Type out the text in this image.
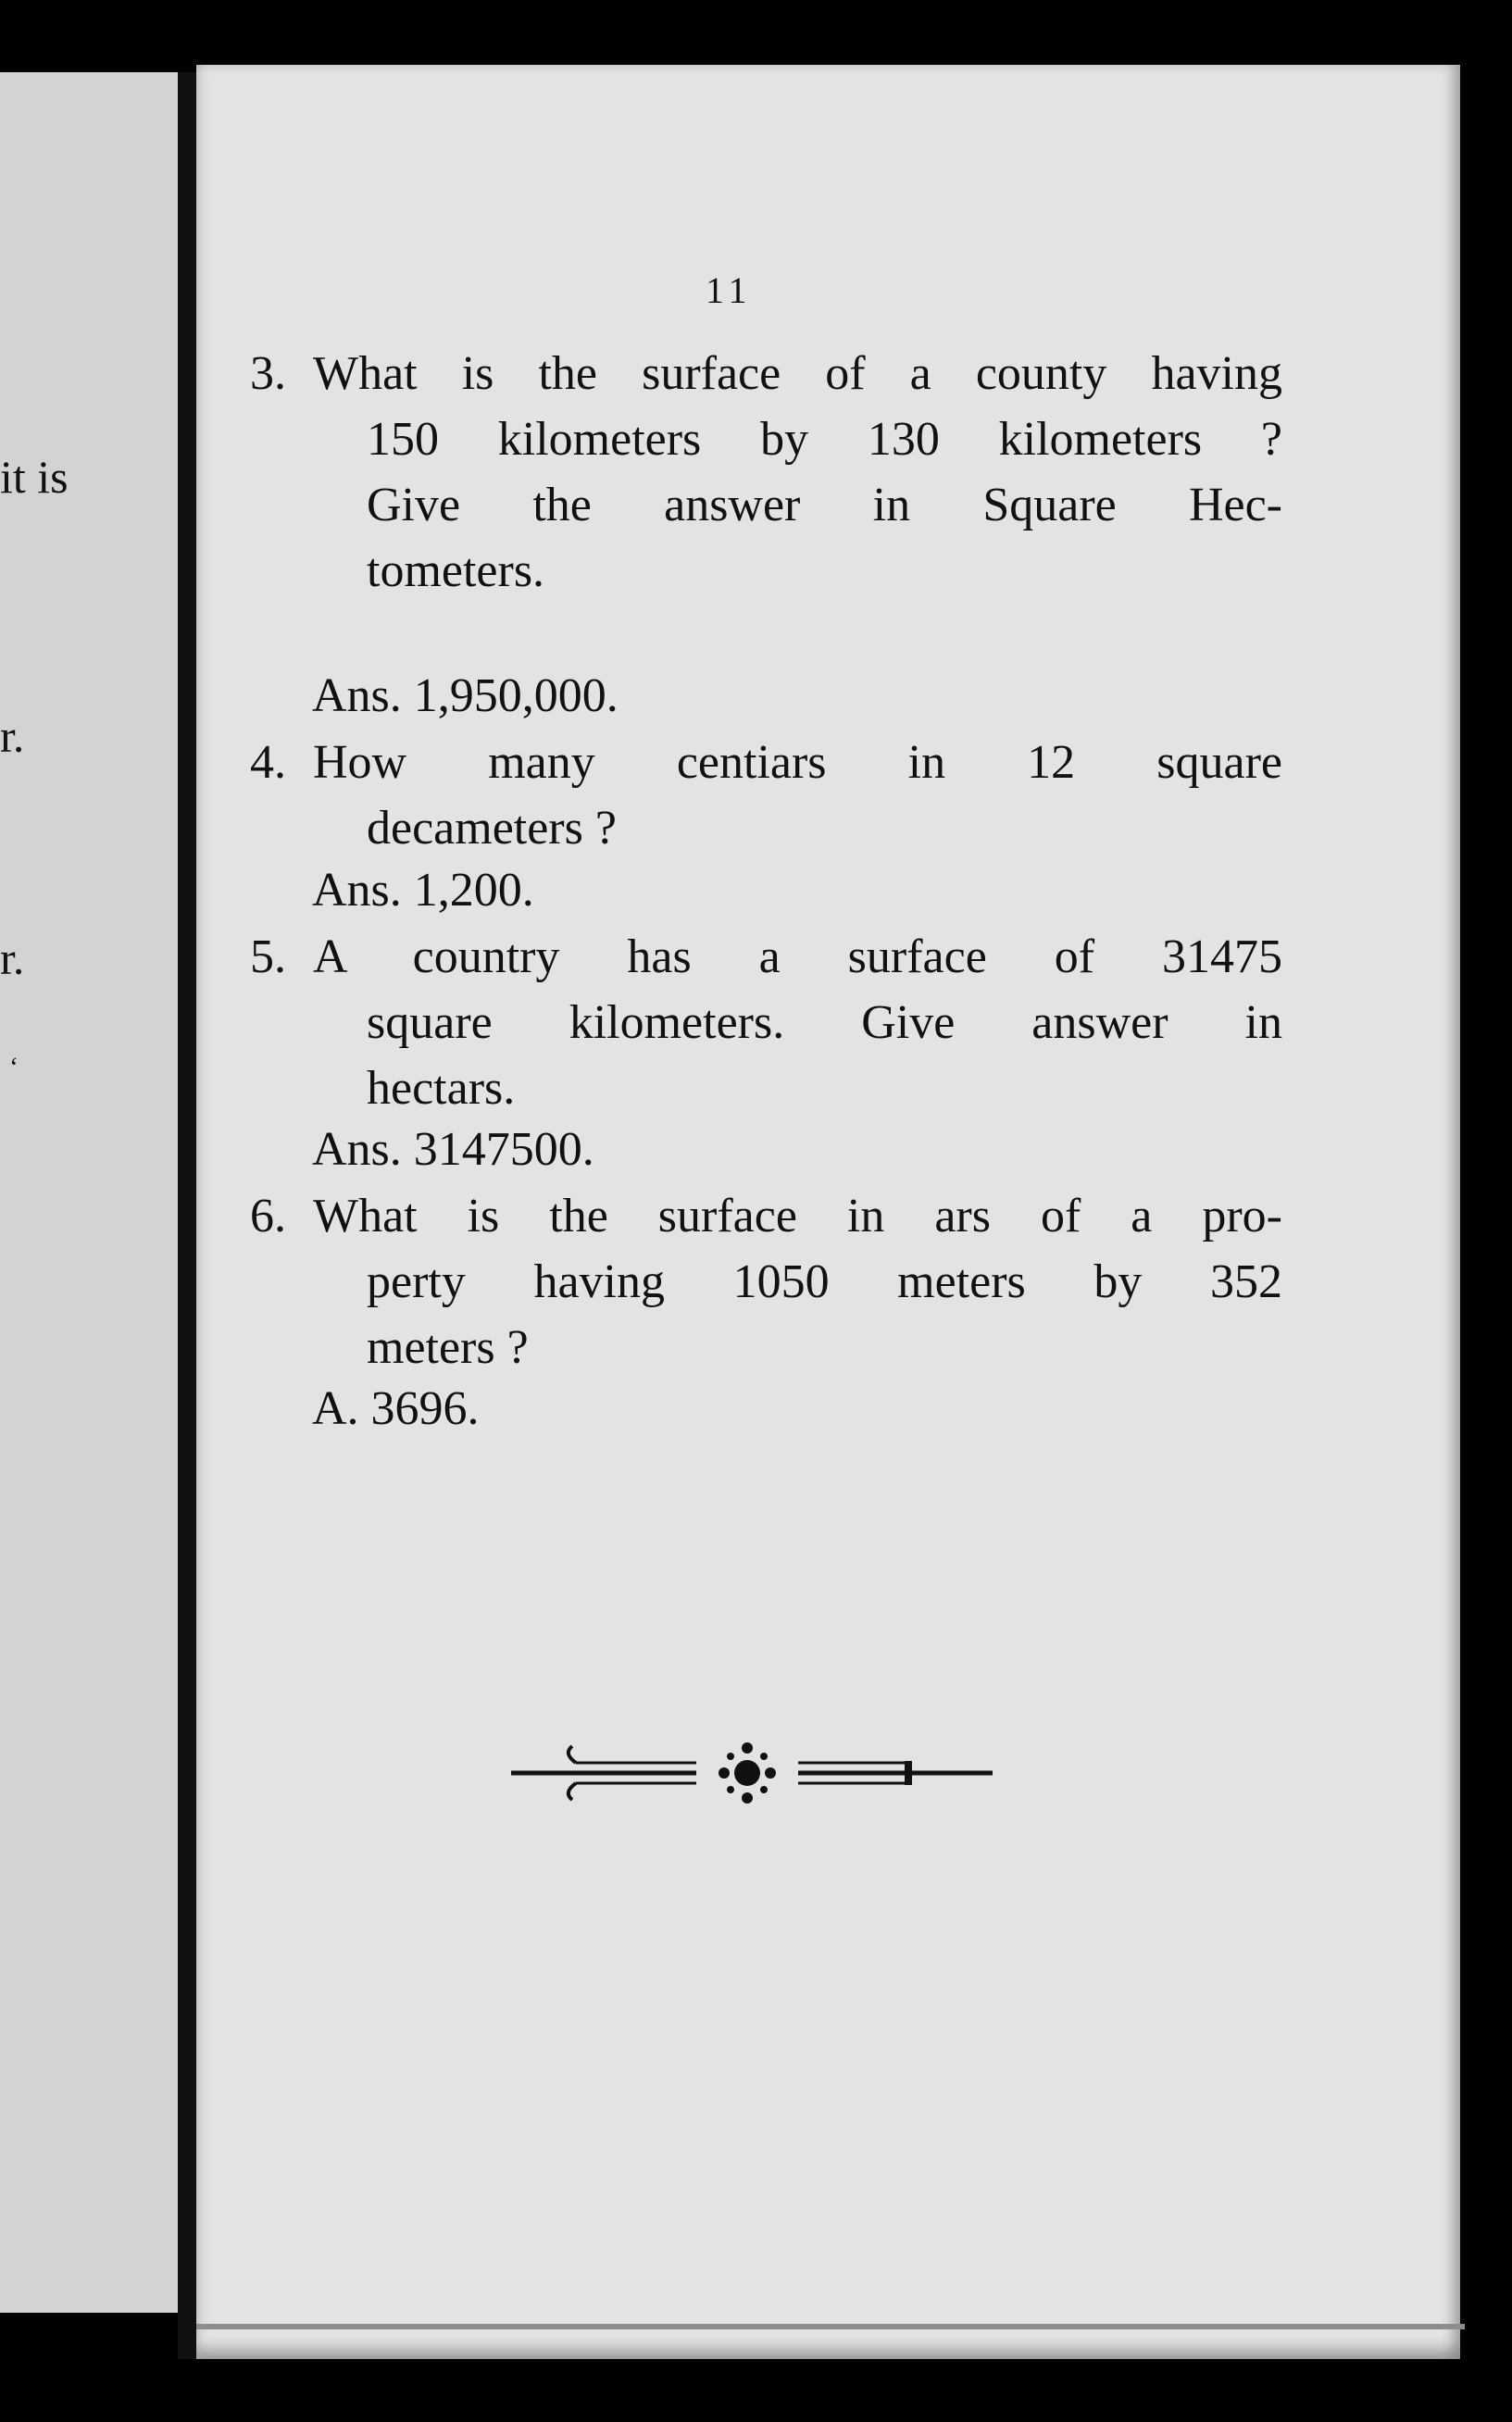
it is
r.
r.
‘
11
3. What is the surface of a county having
150 kilometers by 130 kilometers ?
Give the answer in Square Hec-
tometers.
Ans. 1,950,000.
4. How many centiars in 12 square
decameters ?
Ans. 1,200.
5. A country has a surface of 31475
square kilometers. Give answer in
hectars.
Ans. 3147500.
6. What is the surface in ars of a pro-
perty having 1050 meters by 352
meters ?
A. 3696.
